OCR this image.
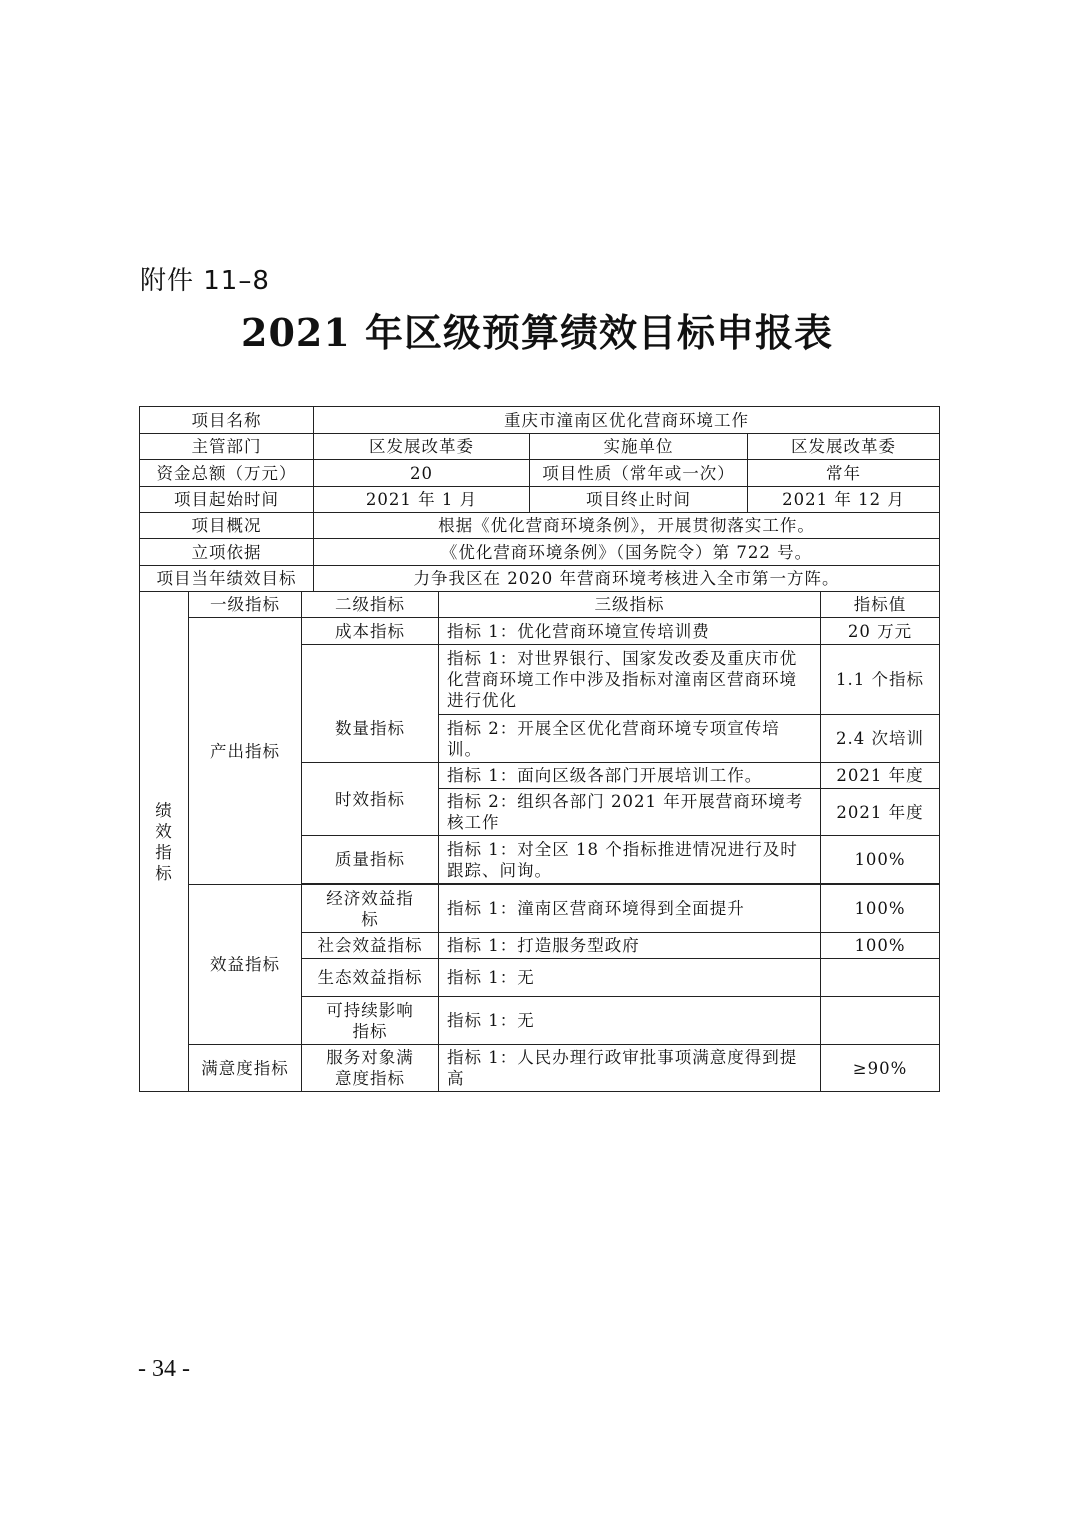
附件 11–8
2021 年区级预算绩效目标申报表
项目名称			重庆市潼南区优化营商环境工作				
主管部门			区发展改革委		实施单位	区发展改革委	
资金总额（万元）			20		项目性质（常年或一次）	常年	
项目起始时间			2021 年 1 月		项目终止时间	2021 年 12 月	
项目概况			根据《优化营商环境条例》，开展贯彻落实工作。				
立项依据			《优化营商环境条例》（国务院令）第 722 号。				
项目当年绩效目标			力争我区在 2020 年营商环境考核进入全市第一方阵。				
绩效指标	一级指标	二级指标		三级指标			指标值
	产出指标	成本指标		指标 1：优化营商环境宣传培训费			20 万元
		数量指标		指标 1：对世界银行、国家发改委及重庆市优化营商环境工作中涉及指标对潼南区营商环境进行优化			1.1 个指标
				指标 2：开展全区优化营商环境专项宣传培训。			2.4 次培训
		时效指标		指标 1：面向区级各部门开展培训工作。			2021 年度
				指标 2：组织各部门 2021 年开展营商环境考核工作			2021 年度
		质量指标		指标 1：对全区 18 个指标推进情况进行及时跟踪、问询。			100%

	效益指标	经济效益指标		指标 1：潼南区营商环境得到全面提升			100%
		社会效益指标		指标 1：打造服务型政府			100%
		生态效益指标		指标 1：无			
		可持续影响指标		指标 1：无			
	满意度指标	服务对象满意度指标		指标 1：人民办理行政审批事项满意度得到提高			≥90%
- 34 -
